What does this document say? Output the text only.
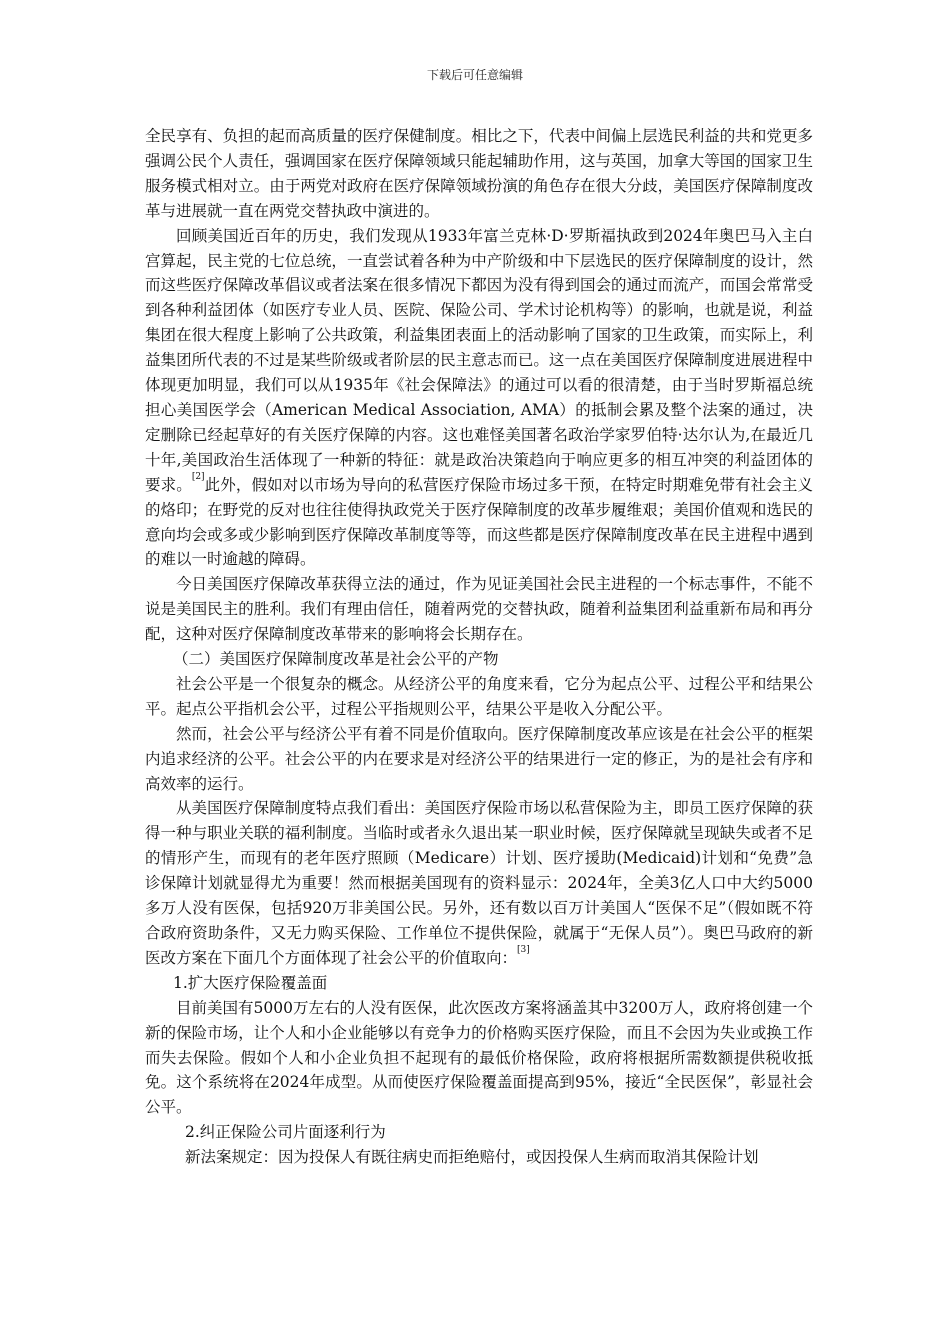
下载后可任意编辑

全民享有、负担的起而高质量的医疗保健制度。相比之下，代表中间偏上层选民利益的共和党更多强调公民个人责任，强调国家在医疗保障领域只能起辅助作用，这与英国，加拿大等国的国家卫生服务模式相对立。由于两党对政府在医疗保障领域扮演的角色存在很大分歧，美国医疗保障制度改革与进展就一直在两党交替执政中演进的。

回顾美国近百年的历史，我们发现从1933年富兰克林·D·罗斯福执政到2024年奥巴马入主白宫算起，民主党的七位总统，一直尝试着各种为中产阶级和中下层选民的医疗保障制度的设计，然而这些医疗保障改革倡议或者法案在很多情况下都因为没有得到国会的通过而流产，而国会常常受到各种利益团体（如医疗专业人员、医院、保险公司、学术讨论机构等）的影响，也就是说，利益集团在很大程度上影响了公共政策，利益集团表面上的活动影响了国家的卫生政策，而实际上，利益集团所代表的不过是某些阶级或者阶层的民主意志而已。这一点在美国医疗保障制度进展进程中体现更加明显，我们可以从1935年《社会保障法》的通过可以看的很清楚，由于当时罗斯福总统担心美国医学会（American Medical Association, AMA）的抵制会累及整个法案的通过，决定删除已经起草好的有关医疗保障的内容。这也难怪美国著名政治学家罗伯特·达尔认为,在最近几十年,美国政治生活体现了一种新的特征：就是政治决策趋向于响应更多的相互冲突的利益团体的要求。[2]此外，假如对以市场为导向的私营医疗保险市场过多干预，在特定时期难免带有社会主义的烙印；在野党的反对也往往使得执政党关于医疗保障制度的改革步履维艰；美国价值观和选民的意向均会或多或少影响到医疗保障改革制度等等，而这些都是医疗保障制度改革在民主进程中遇到的难以一时逾越的障碍。

今日美国医疗保障改革获得立法的通过，作为见证美国社会民主进程的一个标志事件，不能不说是美国民主的胜利。我们有理由信任，随着两党的交替执政，随着利益集团利益重新布局和再分配，这种对医疗保障制度改革带来的影响将会长期存在。

（二）美国医疗保障制度改革是社会公平的产物

社会公平是一个很复杂的概念。从经济公平的角度来看，它分为起点公平、过程公平和结果公平。起点公平指机会公平，过程公平指规则公平，结果公平是收入分配公平。

然而，社会公平与经济公平有着不同是价值取向。医疗保障制度改革应该是在社会公平的框架内追求经济的公平。社会公平的内在要求是对经济公平的结果进行一定的修正，为的是社会有序和高效率的运行。

从美国医疗保障制度特点我们看出：美国医疗保险市场以私营保险为主，即员工医疗保障的获得一种与职业关联的福利制度。当临时或者永久退出某一职业时候，医疗保障就呈现缺失或者不足的情形产生，而现有的老年医疗照顾（Medicare）计划、医疗援助(Medicaid)计划和“免费”急诊保障计划就显得尤为重要！然而根据美国现有的资料显示：2024年，全美3亿人口中大约5000多万人没有医保，包括920万非美国公民。另外，还有数以百万计美国人“医保不足”（假如既不符合政府资助条件，又无力购买保险、工作单位不提供保险，就属于“无保人员”）。奥巴马政府的新医改方案在下面几个方面体现了社会公平的价值取向：[3]

1.扩大医疗保险覆盖面

目前美国有5000万左右的人没有医保，此次医改方案将涵盖其中3200万人，政府将创建一个新的保险市场，让个人和小企业能够以有竞争力的价格购买医疗保险，而且不会因为失业或换工作而失去保险。假如个人和小企业负担不起现有的最低价格保险，政府将根据所需数额提供税收抵免。这个系统将在2024年成型。从而使医疗保险覆盖面提高到95%，接近“全民医保”，彰显社会公平。

2.纠正保险公司片面逐利行为

新法案规定：因为投保人有既往病史而拒绝赔付，或因投保人生病而取消其保险计划
